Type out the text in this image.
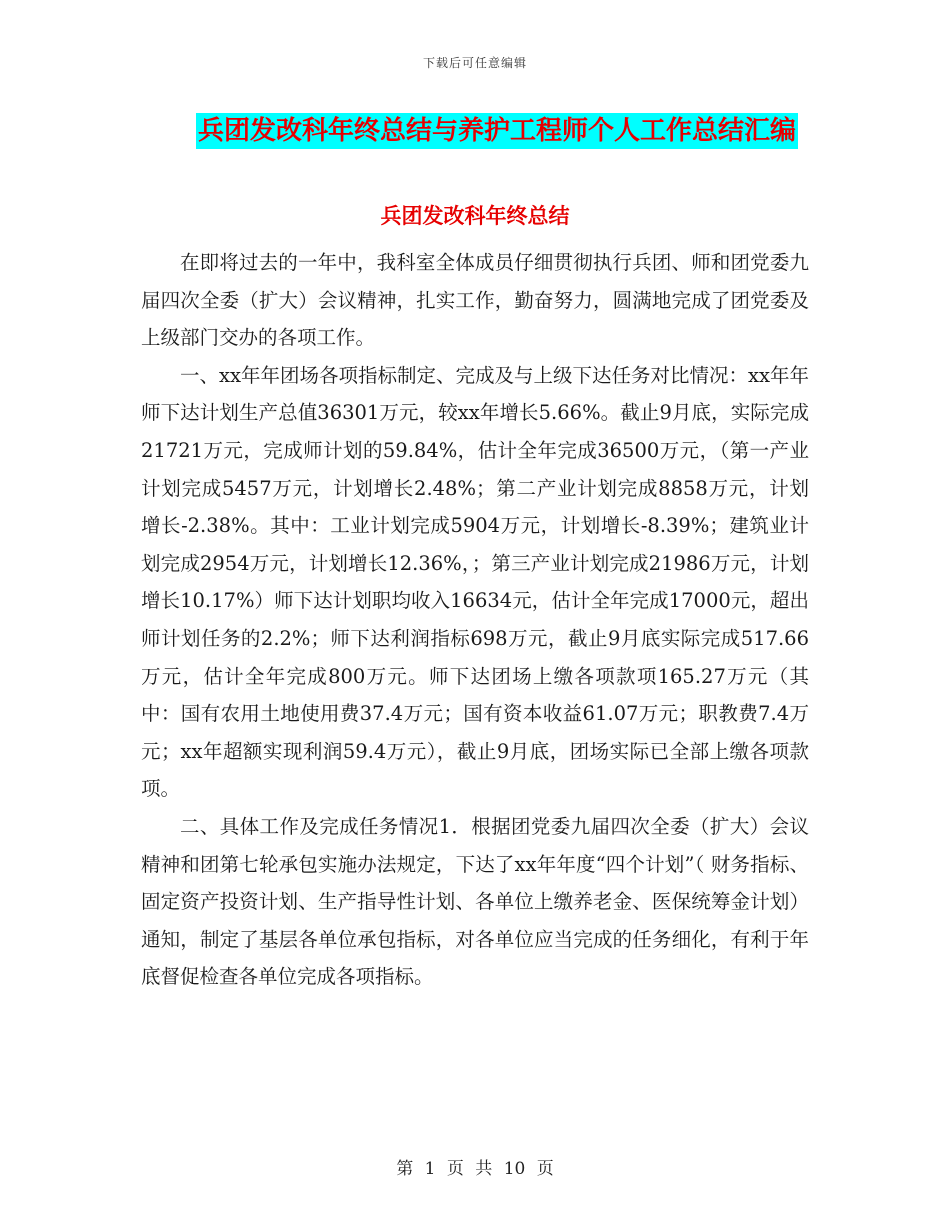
下载后可任意编辑
兵团发改科年终总结与养护工程师个人工作总结汇编
兵团发改科年终总结

在即将过去的一年中，我科室全体成员仔细贯彻执行兵团、师和团党委九届四次全委（扩大）会议精神，扎实工作，勤奋努力，圆满地完成了团党委及上级部门交办的各项工作。

一、xx年年团场各项指标制定、完成及与上级下达任务对比情况：xx年年师下达计划生产总值36301万元，较xx年增长5.66%。截止9月底，实际完成21721万元，完成师计划的59.84%，估计全年完成36500万元，（第一产业计划完成5457万元，计划增长2.48%；第二产业计划完成8858万元，计划增长-2.38%。其中：工业计划完成5904万元，计划增长-8.39%；建筑业计划完成2954万元，计划增长12.36%，；第三产业计划完成21986万元，计划增长10.17%）师下达计划职均收入16634元，估计全年完成17000元，超出师计划任务的2.2%；师下达利润指标698万元，截止9月底实际完成517.66万元，估计全年完成800万元。师下达团场上缴各项款项165.27万元（其中：国有农用土地使用费37.4万元；国有资本收益61.07万元；职教费7.4万元；xx年超额实现利润59.4万元），截止9月底，团场实际已全部上缴各项款项。

二、具体工作及完成任务情况1．根据团党委九届四次全委（扩大）会议精神和团第七轮承包实施办法规定，下达了xx年年度“四个计划”（ 财务指标、固定资产投资计划、生产指导性计划、各单位上缴养老金、医保统筹金计划）通知，制定了基层各单位承包指标，对各单位应当完成的任务细化，有利于年底督促检查各单位完成各项指标。

第 1 页 共 10 页
